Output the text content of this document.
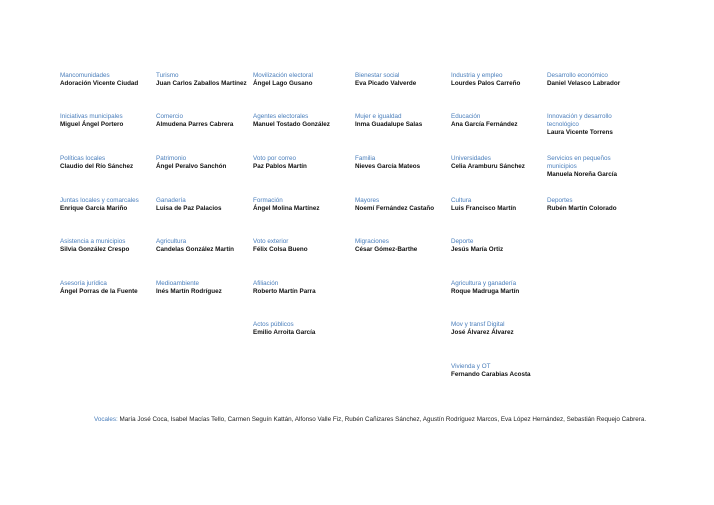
Mancomunidades
Adoración Vicente Ciudad
Iniciativas municipales
Miguel Ángel Portero
Políticas locales
Claudio del Río Sánchez
Juntas locales y comarcales
Enrique García Mariño
Asistencia a municipios
Silvia González Crespo
Asesoría jurídica
Ángel Porras de la Fuente
Turismo
Juan Carlos Zaballos Martínez
Comercio
Almudena Parres Cabrera
Patrimonio
Ángel Peralvo Sanchón
Ganadería
Luisa de Paz Palacios
Agricultura
Candelas González Martín
Medioambiente
Inés Martín Rodríguez
Movilización electoral
Ángel Lago Gusano
Agentes electorales
Manuel Tostado González
Voto por correo
Paz Pablos Martín
Formación
Ángel Molina Martínez
Voto exterior
Félix Colsa Bueno
Afiliación
Roberto Martín Parra
Actos públicos
Emilio Arroita García
Bienestar social
Eva Picado Valverde
Mujer e igualdad
Inma Guadalupe Salas
Familia
Nieves García Mateos
Mayores
Noemí Fernández Castaño
Migraciones
César Gómez-Barthe
Industria y empleo
Lourdes Palos Carreño
Educación
Ana García Fernández
Universidades
Celia Aramburu Sánchez
Cultura
Luis Francisco Martín
Deporte
Jesús María Ortiz
Agricultura y ganadería
Roque Madruga Martín
Mov y transf Digital
José Álvarez Álvarez
Vivienda y OT
Fernando Carabias Acosta
Desarrollo económico
Daniel Velasco Labrador
Innovación y desarrollo
tecnológico
Laura Vicente Torrens
Servicios en pequeños
municipios
Manuela Noreña García
Deportes
Rubén Martín Colorado
Vocales: María José Coca, Isabel Macías Tello, Carmen Seguín Kattán, Alfonso Valle Fiz, Rubén Cañizares Sánchez, Agustín Rodríguez Marcos, Eva López Hernández, Sebastián Requejo Cabrera.
